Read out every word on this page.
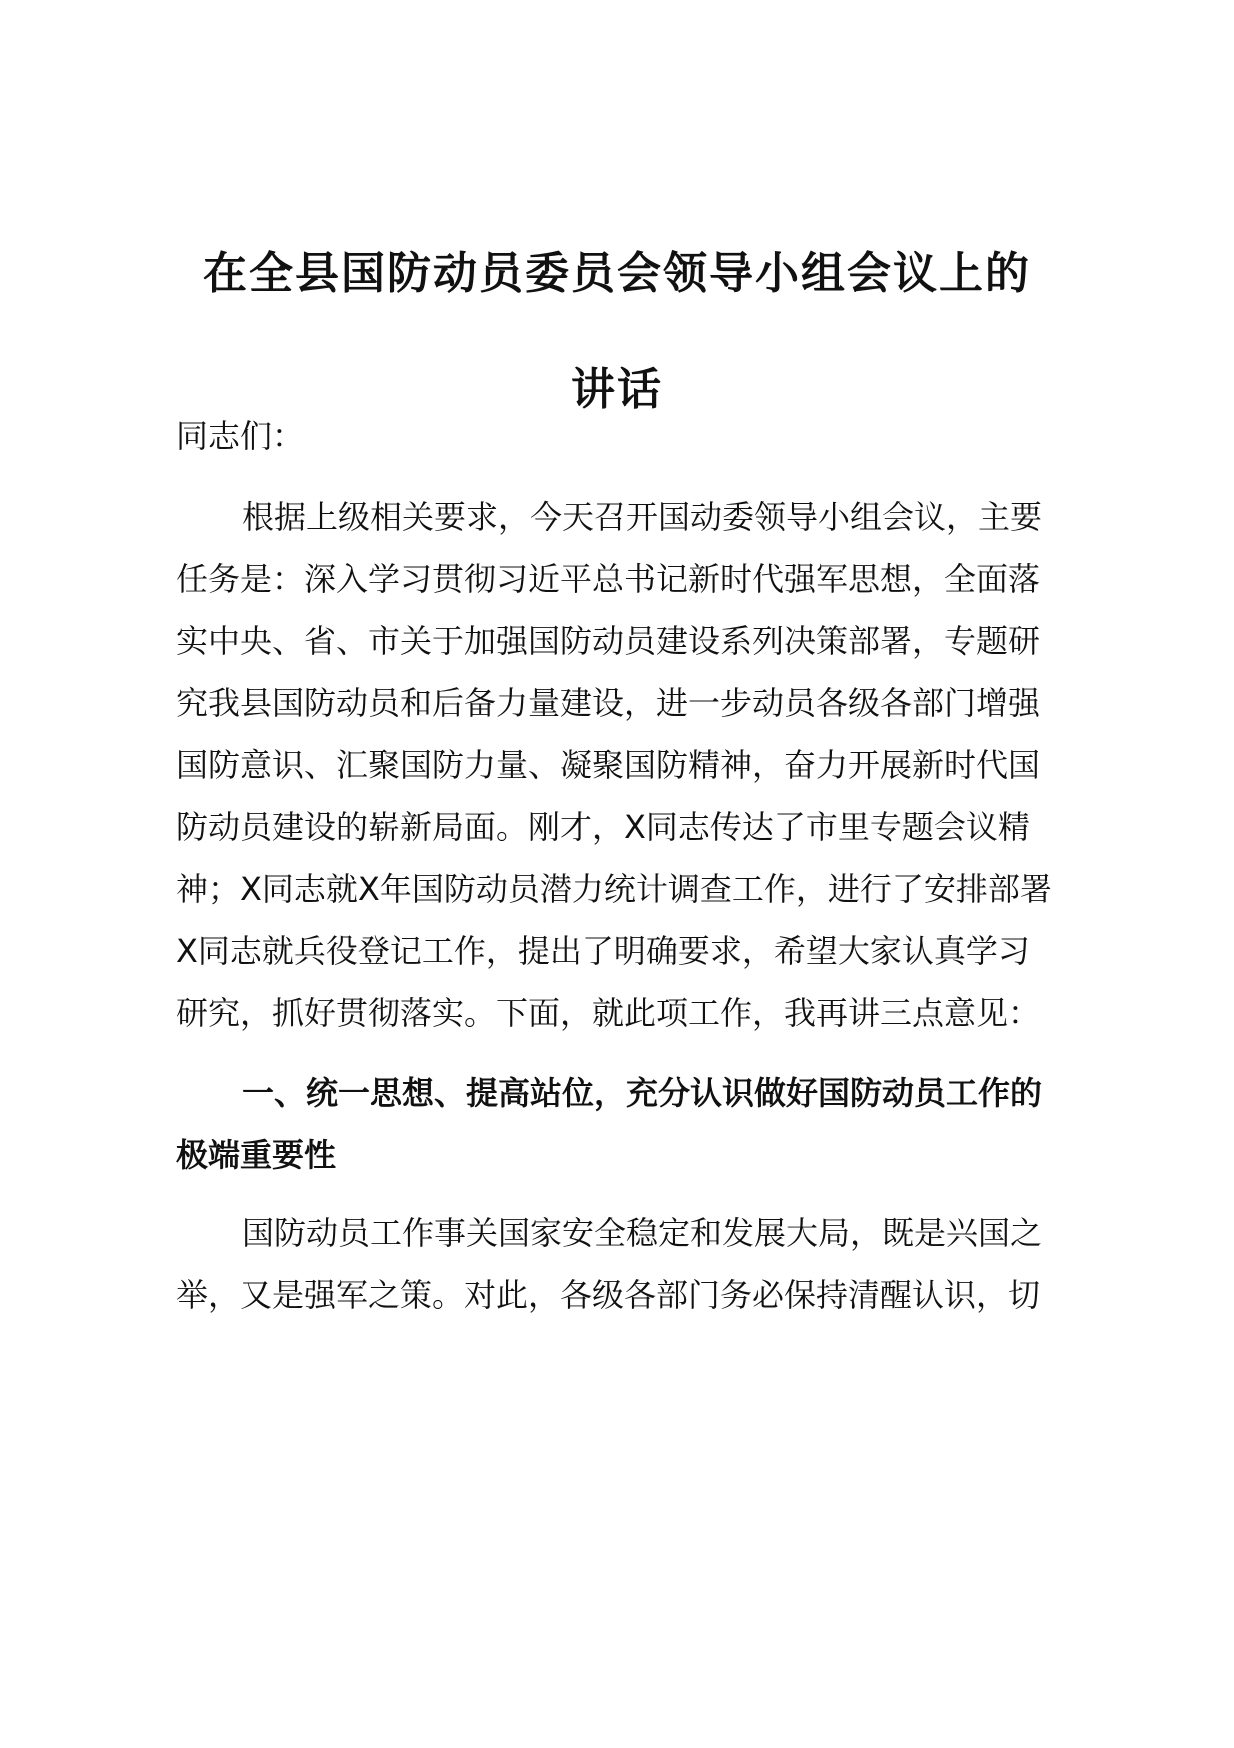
在全县国防动员委员会领导小组会议上的
讲话

同志们：

根据上级相关要求，今天召开国动委领导小组会议，主要

任务是：深入学习贯彻习近平总书记新时代强军思想，全面落

实中央、省、市关于加强国防动员建设系列决策部署，专题研

究我县国防动员和后备力量建设，进一步动员各级各部门增强

国防意识、汇聚国防力量、凝聚国防精神，奋力开展新时代国

防动员建设的崭新局面。刚才，X同志传达了市里专题会议精

神；X同志就X年国防动员潜力统计调查工作，进行了安排部署

X同志就兵役登记工作，提出了明确要求，希望大家认真学习

研究，抓好贯彻落实。下面，就此项工作，我再讲三点意见：

一、统一思想、提高站位，充分认识做好国防动员工作的

极端重要性

国防动员工作事关国家安全稳定和发展大局，既是兴国之

举，又是强军之策。对此，各级各部门务必保持清醒认识，切
